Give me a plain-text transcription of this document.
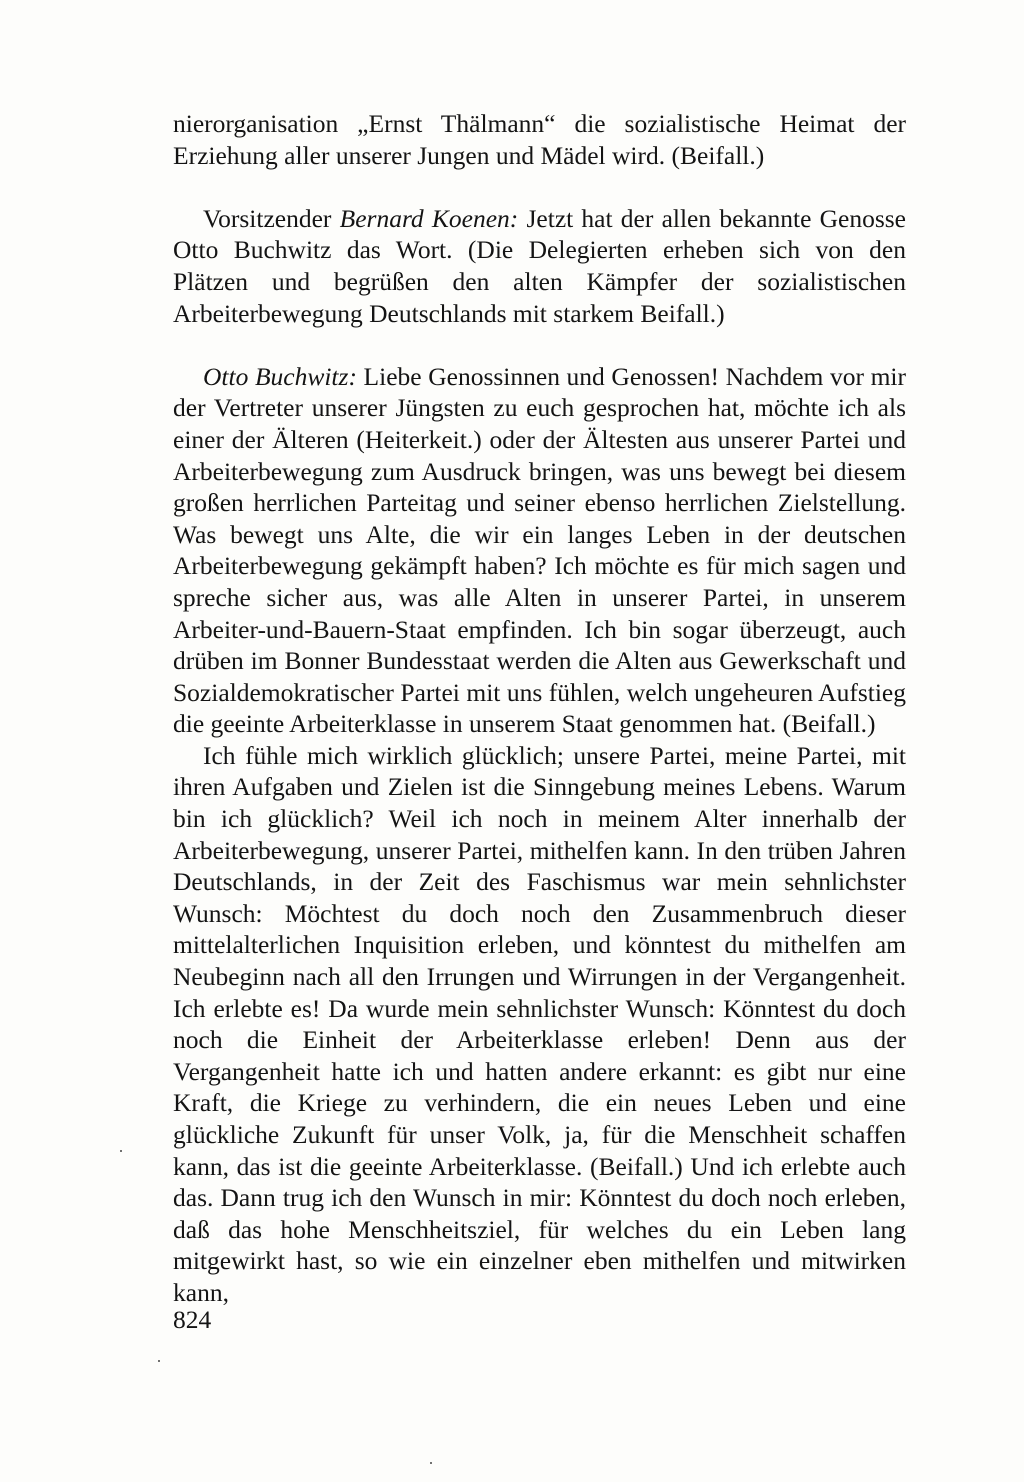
nierorganisation „Ernst Thälmann“ die sozialistische Heimat der Erziehung aller unserer Jungen und Mädel wird. (Beifall.)

Vorsitzender Bernard Koenen: Jetzt hat der allen bekannte Genosse Otto Buchwitz das Wort. (Die Delegierten erheben sich von den Plätzen und begrüßen den alten Kämpfer der sozialistischen Arbeiterbewegung Deutschlands mit starkem Beifall.)

Otto Buchwitz: Liebe Genossinnen und Genossen! Nachdem vor mir der Vertreter unserer Jüngsten zu euch gesprochen hat, möchte ich als einer der Älteren (Heiterkeit.) oder der Ältesten aus unserer Partei und Arbeiterbewegung zum Ausdruck bringen, was uns bewegt bei diesem großen herrlichen Parteitag und seiner ebenso herrlichen Zielstellung. Was bewegt uns Alte, die wir ein langes Leben in der deutschen Arbeiterbewegung gekämpft haben? Ich möchte es für mich sagen und spreche sicher aus, was alle Alten in unserer Partei, in unserem Arbeiter-und-Bauern-Staat empfinden. Ich bin sogar überzeugt, auch drüben im Bonner Bundesstaat werden die Alten aus Gewerkschaft und Sozialdemokratischer Partei mit uns fühlen, welch ungeheuren Aufstieg die geeinte Arbeiterklasse in unserem Staat genommen hat. (Beifall.)

Ich fühle mich wirklich glücklich; unsere Partei, meine Partei, mit ihren Aufgaben und Zielen ist die Sinngebung meines Lebens. Warum bin ich glücklich? Weil ich noch in meinem Alter innerhalb der Arbeiterbewegung, unserer Partei, mithelfen kann. In den trüben Jahren Deutschlands, in der Zeit des Faschismus war mein sehnlichster Wunsch: Möchtest du doch noch den Zusammenbruch dieser mittelalterlichen Inquisition erleben, und könntest du mithelfen am Neubeginn nach all den Irrungen und Wirrungen in der Vergangenheit. Ich erlebte es! Da wurde mein sehnlichster Wunsch: Könntest du doch noch die Einheit der Arbeiterklasse erleben! Denn aus der Vergangenheit hatte ich und hatten andere erkannt: es gibt nur eine Kraft, die Kriege zu verhindern, die ein neues Leben und eine glückliche Zukunft für unser Volk, ja, für die Menschheit schaffen kann, das ist die geeinte Arbeiterklasse. (Beifall.) Und ich erlebte auch das. Dann trug ich den Wunsch in mir: Könntest du doch noch erleben, daß das hohe Menschheitsziel, für welches du ein Leben lang mitgewirkt hast, so wie ein einzelner eben mithelfen und mitwirken kann,

824
